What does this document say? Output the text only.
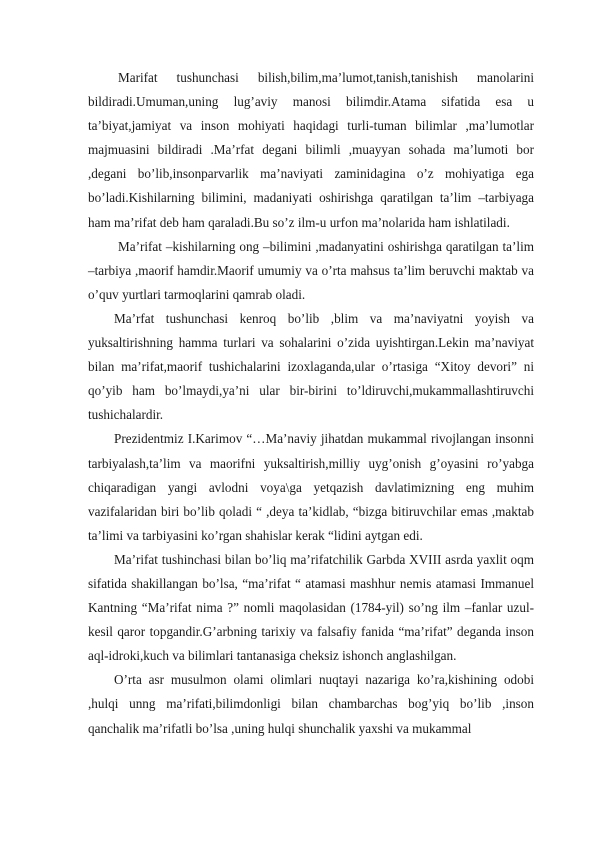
Marifat tushunchasi bilish,bilim,ma’lumot,tanish,tanishish manolarini bildiradi.Umuman,uning lug’aviy manosi bilimdir.Atama sifatida esa u ta’biyat,jamiyat va inson mohiyati haqidagi turli-tuman bilimlar ,ma’lumotlar majmuasini bildiradi .Ma’rfat degani bilimli ,muayyan sohada ma’lumoti bor ,degani bo’lib,insonparvarlik ma’naviyati zaminidagina o’z mohiyatiga ega bo’ladi.Kishilarning bilimini, madaniyati oshirishga qaratilgan ta’lim –tarbiyaga ham ma’rifat deb ham qaraladi.Bu so’z ilm-u urfon ma’nolarida ham ishlatiladi.

Ma’rifat –kishilarning ong –bilimini ,madanyatini oshirishga qaratilgan ta’lim –tarbiya ,maorif hamdir.Maorif umumiy va o’rta mahsus ta’lim beruvchi maktab va o’quv yurtlari tarmoqlarini qamrab oladi.

Ma’rfat tushunchasi kenroq bo’lib ,blim va ma’naviyatni yoyish va yuksaltirishning hamma turlari va sohalarini o’zida uyishtirgan.Lekin ma’naviyat bilan ma’rifat,maorif tushichalarini izoxlaganda,ular o’rtasiga “Xitoy devori” ni qo’yib ham bo’lmaydi,ya’ni ular bir-birini to’ldiruvchi,mukammallashtiruvchi tushichalardir.

Prezidentmiz I.Karimov “…Ma’naviy jihatdan mukammal rivojlangan insonni tarbiyalash,ta’lim va maorifni yuksaltirish,milliy uyg’onish g’oyasini ro’yabga chiqaradigan yangi avlodni voya\ga yetqazish davlatimizning eng muhim vazifalaridan biri bo’lib qoladi “ ,deya ta’kidlab, “bizga bitiruvchilar emas ,maktab ta’limi va tarbiyasini ko’rgan shahislar kerak “lidini aytgan edi.

Ma’rifat tushinchasi bilan bo’liq ma’rifatchilik Garbda XVIII asrda yaxlit oqm sifatida shakillangan bo’lsa, “ma’rifat “ atamasi mashhur nemis atamasi Immanuel Kantning “Ma’rifat nima ?” nomli maqolasidan (1784-yil) so’ng ilm –fanlar uzul-kesil qaror topgandir.G’arbning tarixiy va falsafiy fanida “ma’rifat” deganda inson aql-idroki,kuch va bilimlari tantanasiga cheksiz ishonch anglashilgan.

O’rta asr musulmon olami olimlari nuqtayi nazariga ko’ra,kishining odobi ,hulqi unng ma’rifati,bilimdonligi bilan chambarchas bog’yiq bo’lib ,inson qanchalik ma’rifatli bo’lsa ,uning hulqi shunchalik yaxshi va mukammal
